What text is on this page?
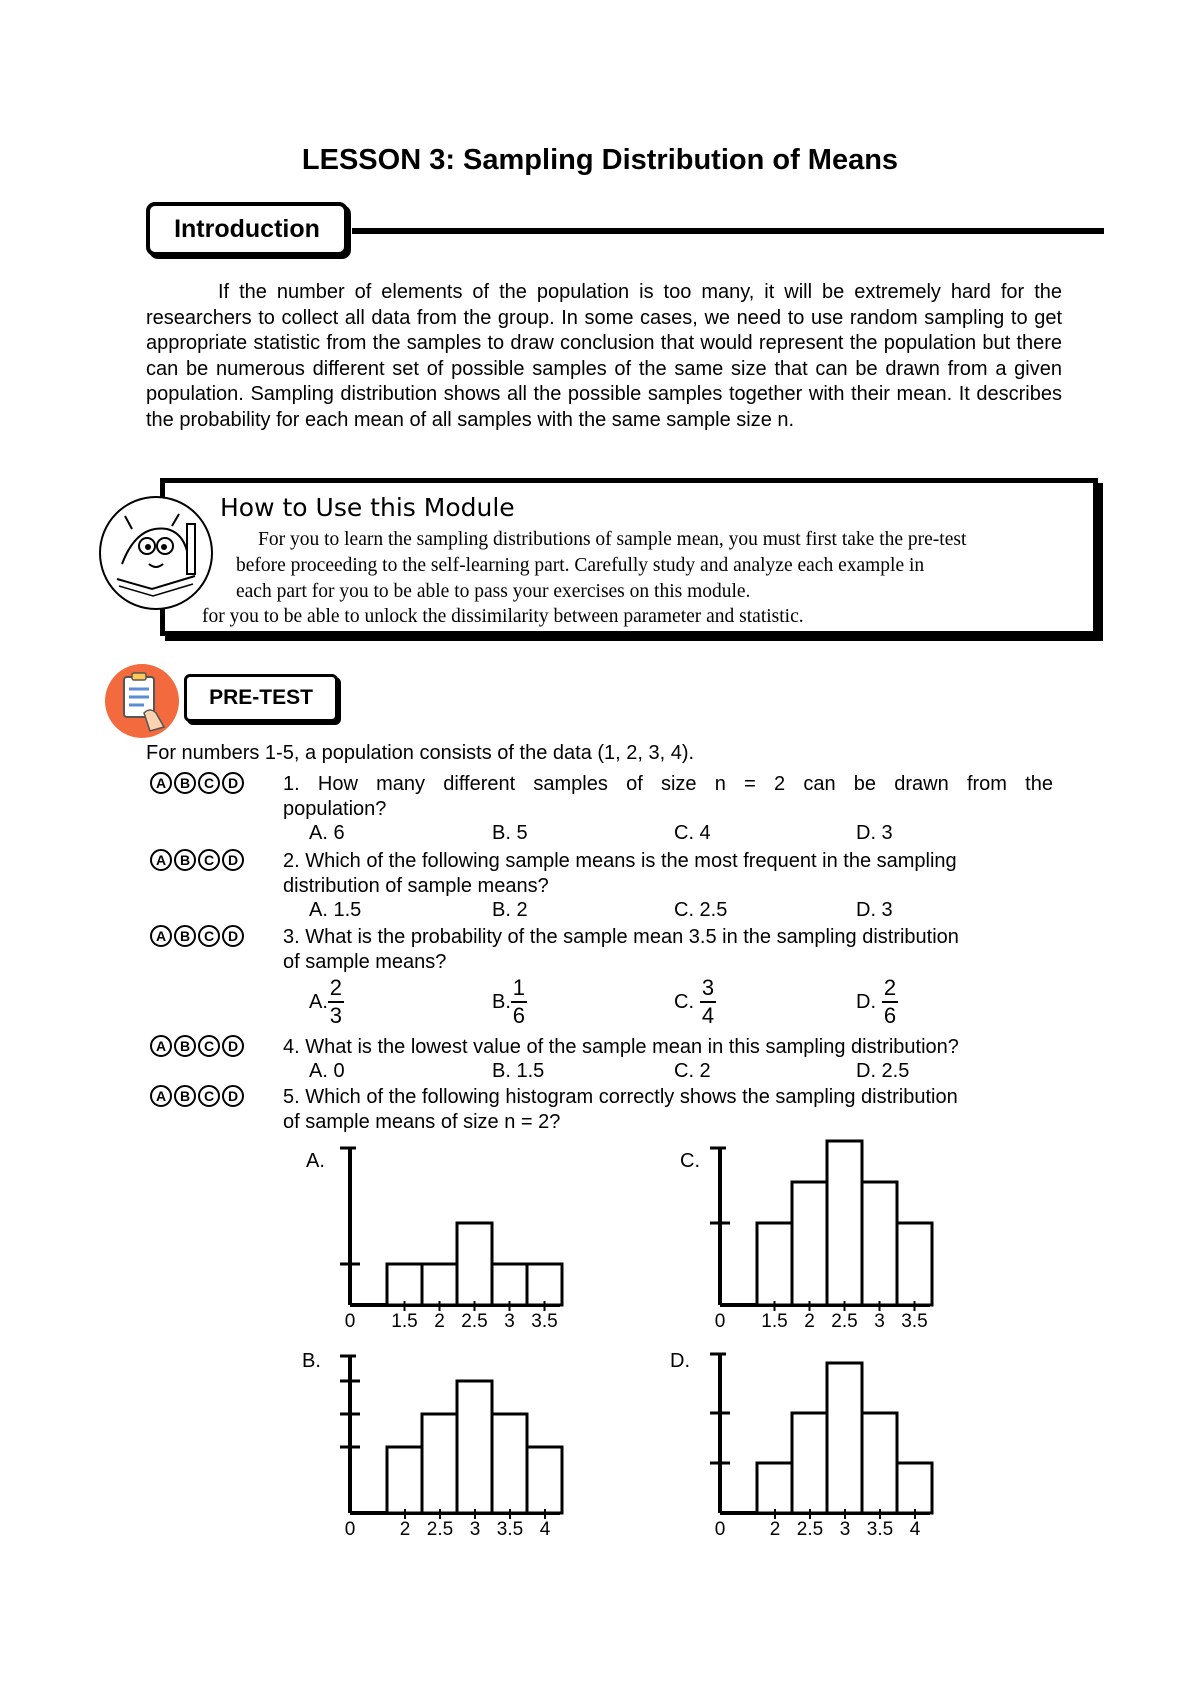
LESSON 3: Sampling Distribution of Means
Introduction

If the number of elements of the population is too many, it will be extremely hard for the researchers to collect all data from the group. In some cases, we need to use random sampling to get appropriate statistic from the samples to draw conclusion that would represent the population but there can be numerous different set of possible samples of the same size that can be drawn from a given population. Sampling distribution shows all the possible samples together with their mean. It describes the probability for each mean of all samples with the same sample size n.

How to Use this Module
For you to learn the sampling distributions of sample mean, you must first take the pre-test
before proceeding to the self-learning part. Carefully study and analyze each example in
each part for you to be able to pass your exercises on this module.
for you to be able to unlock the dissimilarity between parameter and statistic.
PRE-TEST
For numbers 1-5, a population consists of the data (1, 2, 3, 4).
A B C D
A B C D
A B C D
A B C D
A B C D
1. How many different samples of size n = 2 can be drawn from the
population?
A. 6	B. 5	C. 4	D. 3
2. Which of the following sample means is the most frequent in the sampling
distribution of sample means?
A. 1.5	B. 2	C. 2.5	D. 3
3. What is the probability of the sample mean 3.5 in the sampling distribution
of sample means?
A. $\frac{2}{3}$	B. $\frac{1}{6}$	C. $\frac{3}{4}$	D. $\frac{2}{6}$
4. What is the lowest value of the sample mean in this sampling distribution?
A. 0	B. 1.5	C. 2	D. 2.5
5. Which of the following histogram correctly shows the sampling distribution
of sample means of size n = 2?
A.
0 1.5 2 2.5 3 3.5
C.
0 1.5 2 2.5 3 3.5
B.
0 2 2.5 3 3.5 4
D.
0 2 2.5 3 3.5 4
